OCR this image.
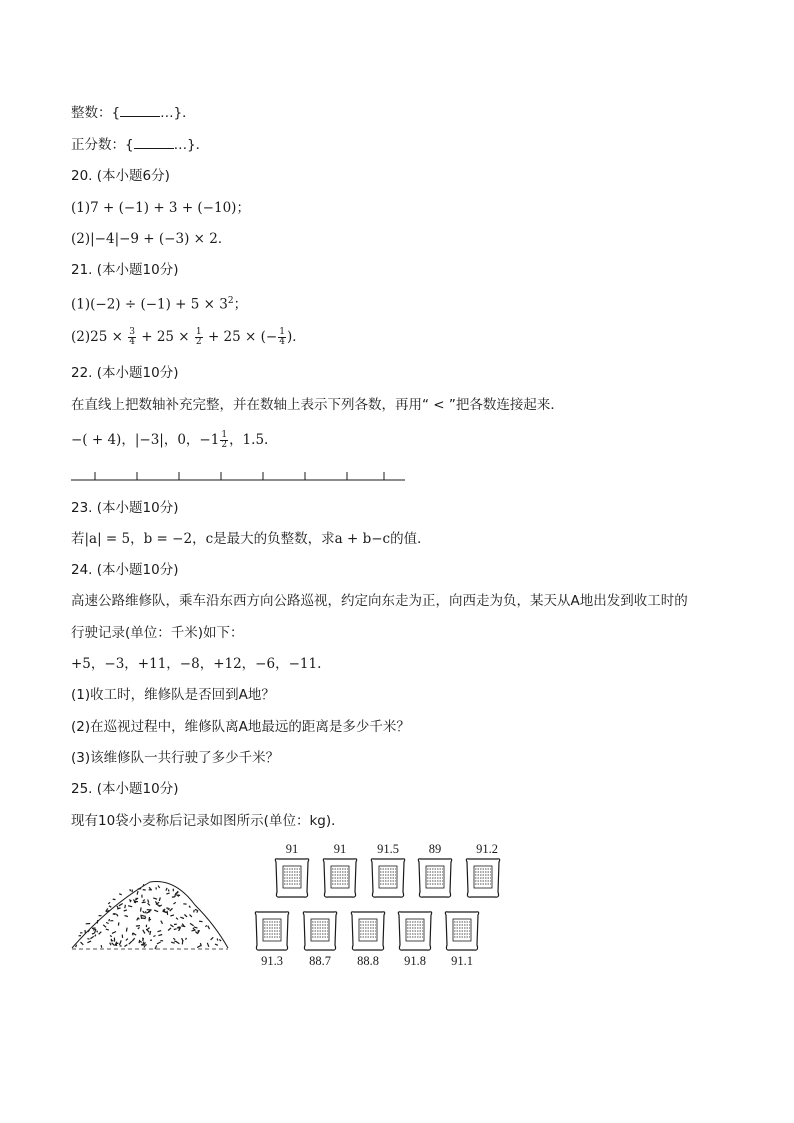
整数：{	…}．
正分数：{	…}．
20. (本小题6分)
(1)7 + (−1) + 3 + (−10)；
(2)|−4|−9 + (−3) × 2．
21. (本小题10分)
$(1)(-2) \div (-1) + 5 \times 3^2$；
$(2)25 \times \frac{3}{4} + 25 \times \frac{1}{2} + 25$ × (− $\frac{1}{4}$ )．
22. (本小题10分)
在直线上把数轴补充完整，并在数轴上表示下列各数，再用“ < ”把各数连接起来．
−( + 4)，|−3|，0，$-1 \frac{1}{2}$ ，1.5.
23. (本小题10分)
若|a| = 5，b = −2，c是最大的负整数，求a + b−c的值．
24. (本小题10分)
高速公路维修队，乘车沿东西方向公路巡视，约定向东走为正，向西走为负，某天从A地出发到收工时的
行驶记录(单位：千米)如下：
+5，−3，+11，−8，+12，−6，−11.
(1)收工时，维修队是否回到A地？
(2)在巡视过程中，维修队离A地最远的距离是多少千米？
(3)该维修队一共行驶了多少千米？
25. (本小题10分)
现有10袋小麦称后记录如图所示(单位：kg)．
91	91	91.5	89	91.2
91.3	88.7	88.8	91.8	91.1
